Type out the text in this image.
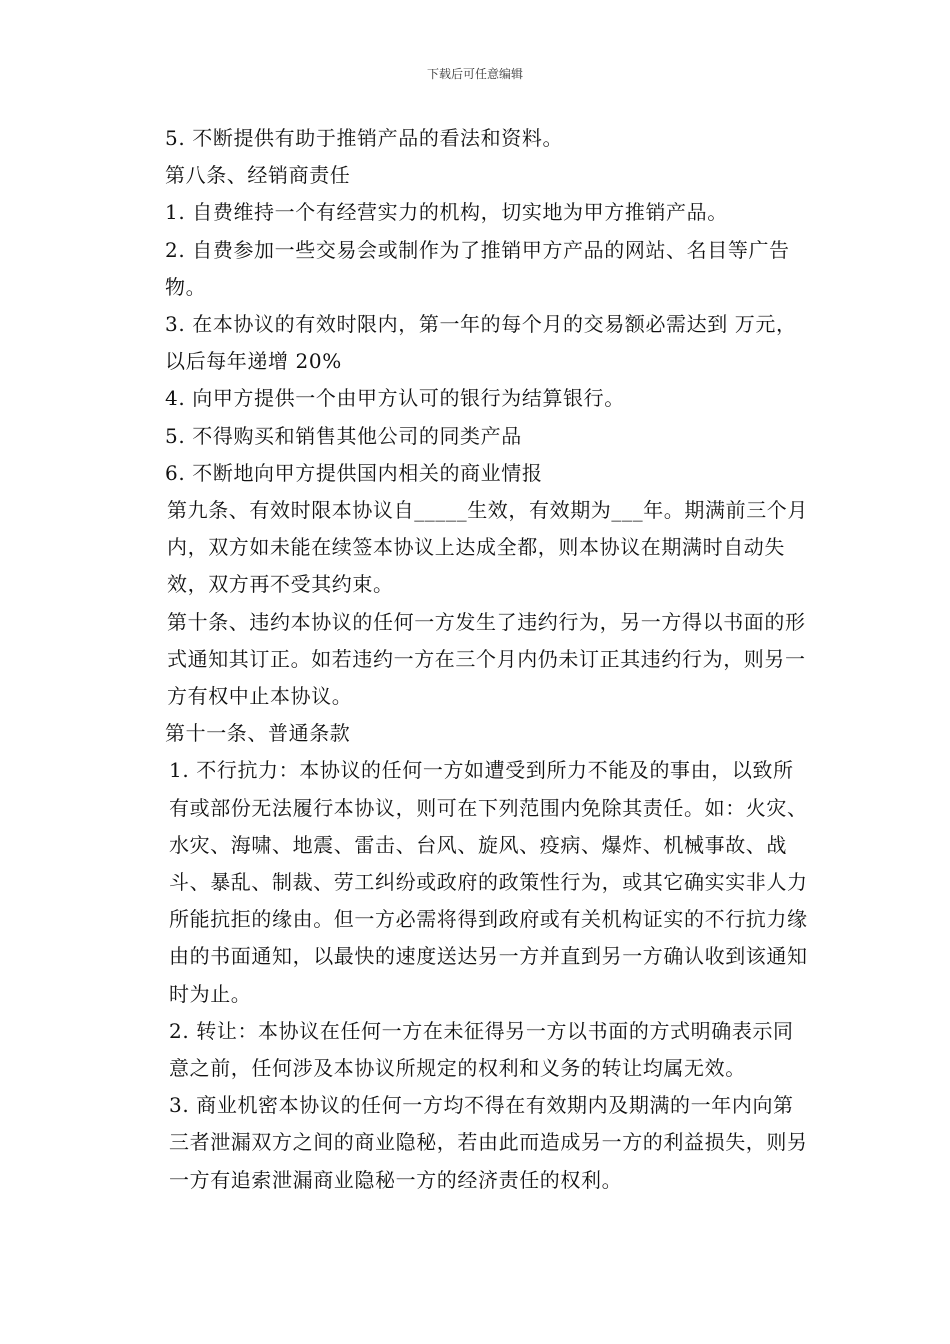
下载后可任意编辑

5. 不断提供有助于推销产品的看法和资料。

第八条、经销商责任

1. 自费维持一个有经营实力的机构，切实地为甲方推销产品。

2. 自费参加一些交易会或制作为了推销甲方产品的网站、名目等广告物。

3. 在本协议的有效时限内，第一年的每个月的交易额必需达到 万元，以后每年递增 20%

4. 向甲方提供一个由甲方认可的银行为结算银行。

5. 不得购买和销售其他公司的同类产品

6. 不断地向甲方提供国内相关的商业情报

第九条、有效时限本协议自_____生效，有效期为___年。期满前三个月内，双方如未能在续签本协议上达成全都，则本协议在期满时自动失效，双方再不受其约束。

第十条、违约本协议的任何一方发生了违约行为，另一方得以书面的形式通知其订正。如若违约一方在三个月内仍未订正其违约行为，则另一方有权中止本协议。

第十一条、普通条款

1. 不行抗力：本协议的任何一方如遭受到所力不能及的事由，以致所有或部份无法履行本协议，则可在下列范围内免除其责任。如：火灾、水灾、海啸、地震、雷击、台风、旋风、疫病、爆炸、机械事故、战斗、暴乱、制裁、劳工纠纷或政府的政策性行为，或其它确实实非人力所能抗拒的缘由。但一方必需将得到政府或有关机构证实的不行抗力缘由的书面通知，以最快的速度送达另一方并直到另一方确认收到该通知时为止。

2. 转让：本协议在任何一方在未征得另一方以书面的方式明确表示同意之前，任何涉及本协议所规定的权利和义务的转让均属无效。

3. 商业机密本协议的任何一方均不得在有效期内及期满的一年内向第三者泄漏双方之间的商业隐秘，若由此而造成另一方的利益损失，则另一方有追索泄漏商业隐秘一方的经济责任的权利。
